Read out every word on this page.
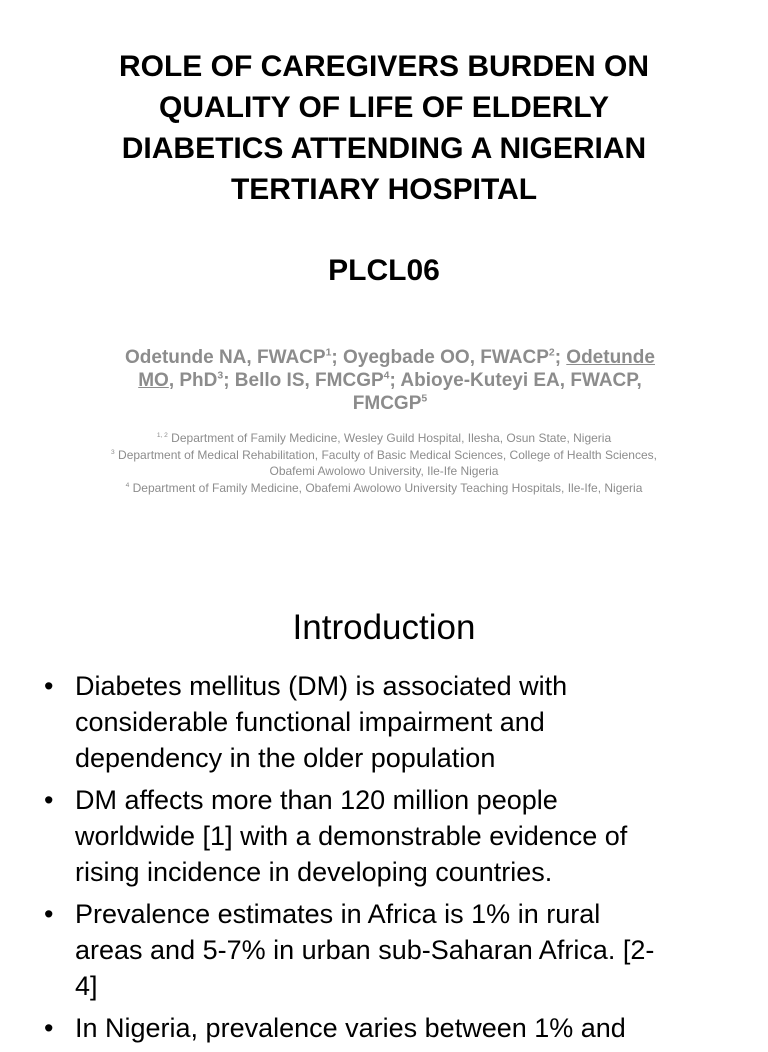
ROLE OF CAREGIVERS BURDEN ON
QUALITY OF LIFE OF ELDERLY
DIABETICS ATTENDING A NIGERIAN
TERTIARY HOSPITAL
PLCL06
Odetunde NA, FWACP$^1$; Oyegbade OO, FWACP$^2$; Odetunde
MO, PhD$^3$; Bello IS, FMCGP$^4$; Abioye-Kuteyi EA, FWACP,
FMCGP$^5$
$^{1, 2}$ Department of Family Medicine, Wesley Guild Hospital, Ilesha, Osun State, Nigeria
$^3$ Department of Medical Rehabilitation, Faculty of Basic Medical Sciences, College of Health Sciences,
Obafemi Awolowo University, Ile-Ife Nigeria
$^4$ Department of Family Medicine, Obafemi Awolowo University Teaching Hospitals, Ile-Ife, Nigeria
Introduction
• Diabetes mellitus (DM) is associated with
considerable functional impairment and
dependency in the older population
• DM affects more than 120 million people
worldwide [1] with a demonstrable evidence of
rising incidence in developing countries.
• Prevalence estimates in Africa is 1% in rural
areas and 5-7% in urban sub-Saharan Africa. [2-
4]
• In Nigeria, prevalence varies between 1% and
